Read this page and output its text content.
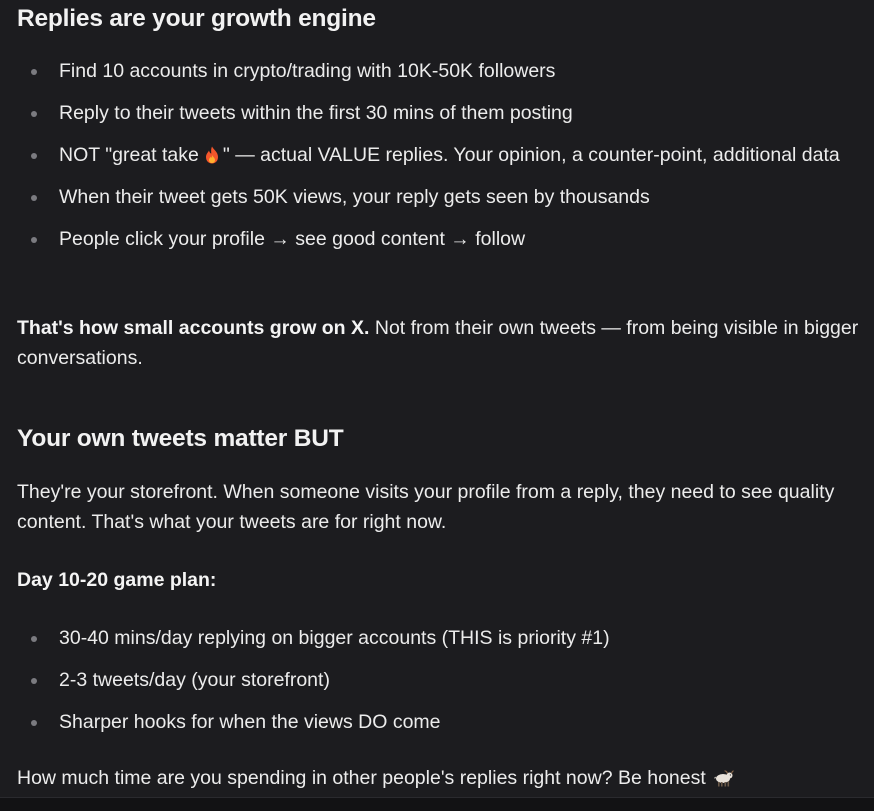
Replies are your growth engine
Find 10 accounts in crypto/trading with 10K-50K followers
Reply to their tweets within the first 30 mins of them posting
NOT "great take " — actual VALUE replies. Your opinion, a counter-point, additional data
When their tweet gets 50K views, your reply gets seen by thousands
People click your profile → see good content → follow

That's how small accounts grow on X. Not from their own tweets — from being visible in bigger conversations.

Your own tweets matter BUT

They're your storefront. When someone visits your profile from a reply, they need to see quality content. That's what your tweets are for right now.

Day 10-20 game plan:

30-40 mins/day replying on bigger accounts (THIS is priority #1)
2-3 tweets/day (your storefront)
Sharper hooks for when the views DO come

How much time are you spending in other people's replies right now? Be honest
